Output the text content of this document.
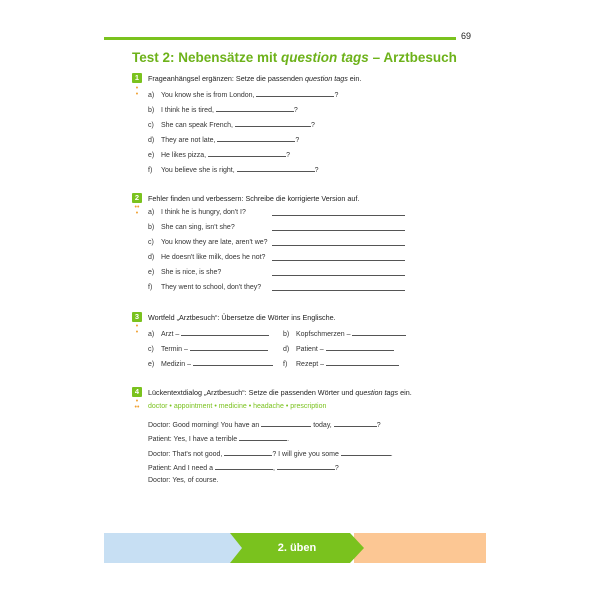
69
Test 2: Nebensätze mit question tags – Arztbesuch
1
•
•
Frageanhängsel ergänzen: Setze die passenden question tags ein.
a) You know she is from London,	?
b) I think he is tired,	?
c) She can speak French,	?
d) They are not late,	?
e) He likes pizza,	?
f) You believe she is right,	?
2
••
•
Fehler finden und verbessern: Schreibe die korrigierte Version auf.
a) I think he is hungry, don't I?
b) She can sing, isn't she?
c) You know they are late, aren't we?
d) He doesn't like milk, does he not?
e) She is nice, is she?
f) They went to school, don't they?
3
•
•
Wortfeld „Arztbesuch“: Übersetze die Wörter ins Englische.
a) Arzt –	b) Kopfschmerzen –
c) Termin –	d) Patient –
e) Medizin –	f) Rezept –
4
•
••
Lückentextdialog „Arztbesuch“: Setze die passenden Wörter und question tags ein.
doctor • appointment • medicine • headache • prescription
Doctor: Good morning! You have an	today,	?
Patient: Yes, I have a terrible	.
Doctor: That's not good,	? I will give you some	.
Patient: And I need a	,	?
Doctor: Yes, of course.
2. üben
